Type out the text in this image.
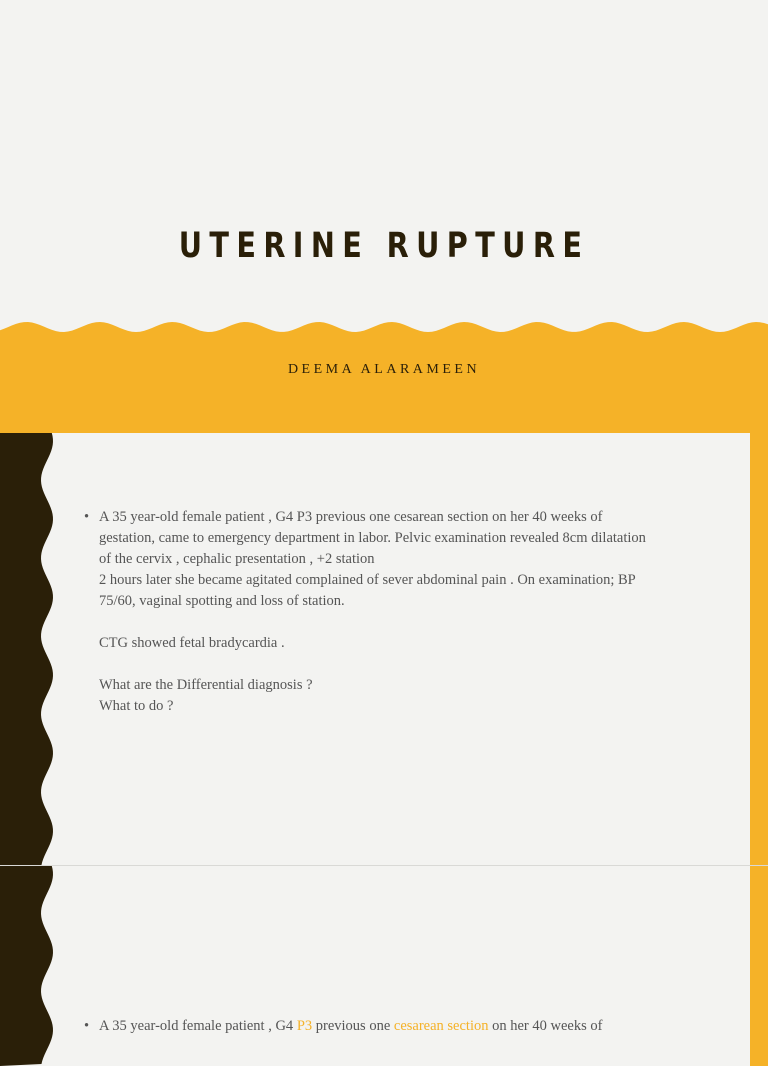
UTERINE RUPTURE
DEEMA ALARAMEEN
• A 35 year-old female patient , G4 P3 previous one cesarean section on her 40 weeks of
gestation, came to emergency department in labor. Pelvic examination revealed 8cm dilatation
of the cervix , cephalic presentation , +2 station
2 hours later she became agitated complained of sever abdominal pain . On examination; BP
75/60, vaginal spotting and loss of station.
CTG showed fetal bradycardia .
What are the Differential diagnosis ?
What to do ?
• A 35 year-old female patient , G4 P3 previous one cesarean section on her 40 weeks of
